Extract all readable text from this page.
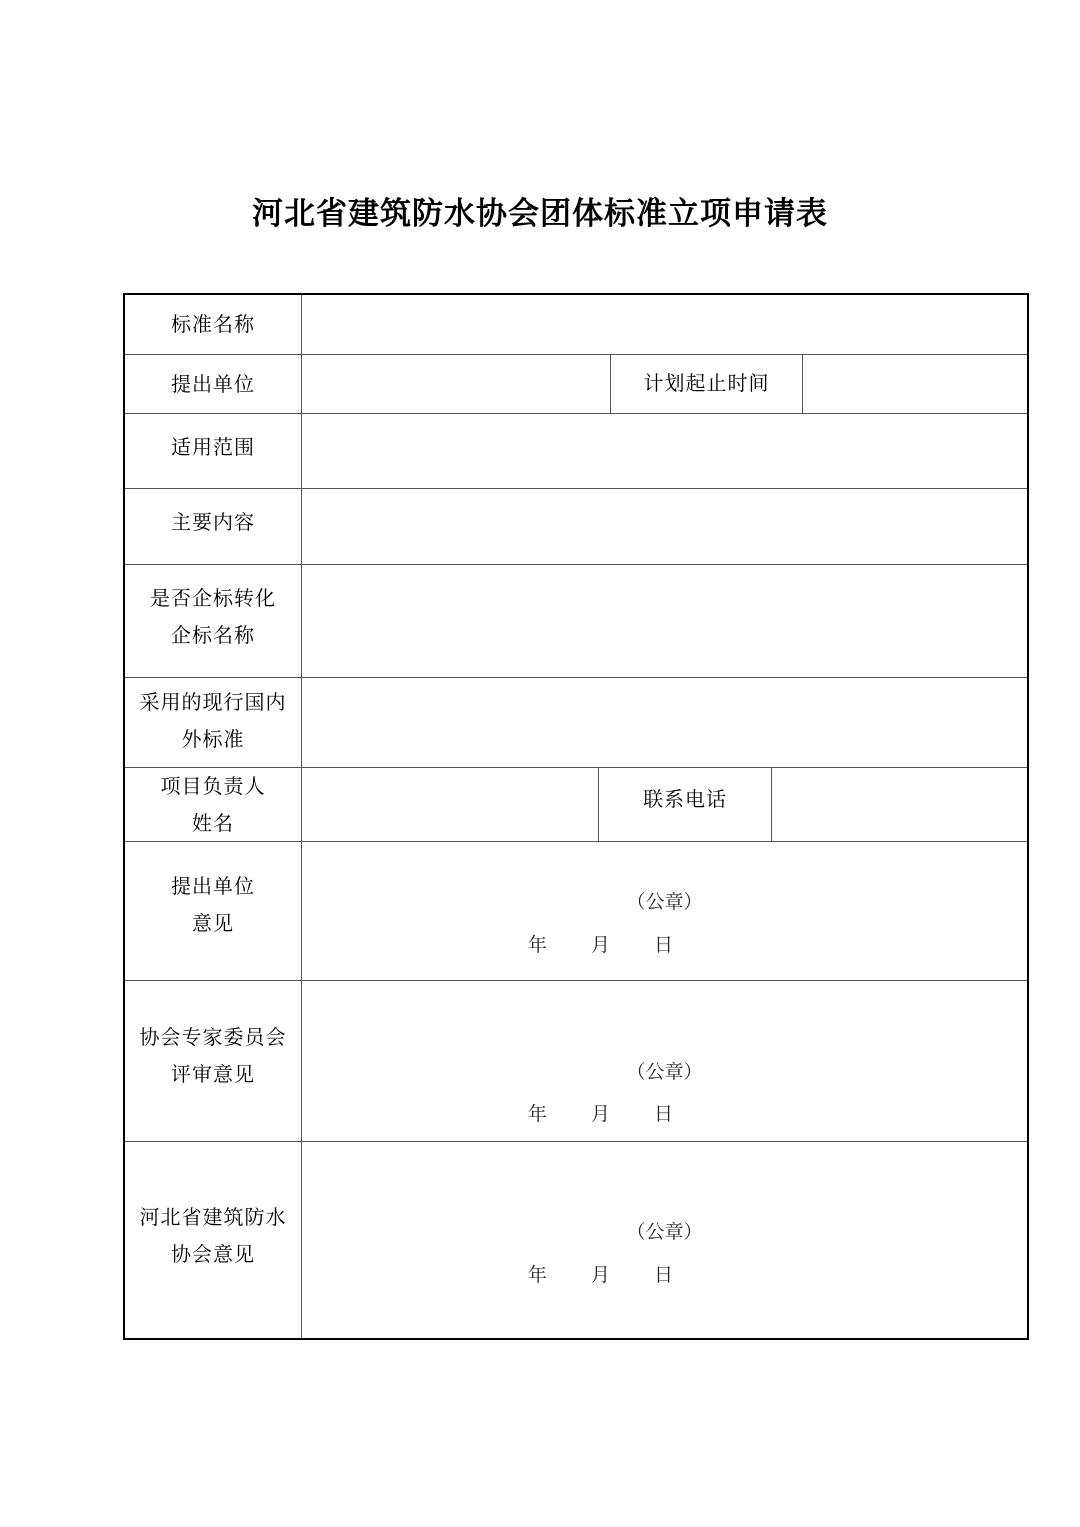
河北省建筑防水协会团体标准立项申请表
标准名称
提出单位	计划起止时间
适用范围
主要内容
是否企标转化
企标名称
采用的现行国内
外标准
项目负责人
姓名
联系电话
提出单位
意见
（公章）
年 月 日
协会专家委员会
评审意见	（公章）
年 月 日
河北省建筑防水
协会意见
（公章）
年 月 日
